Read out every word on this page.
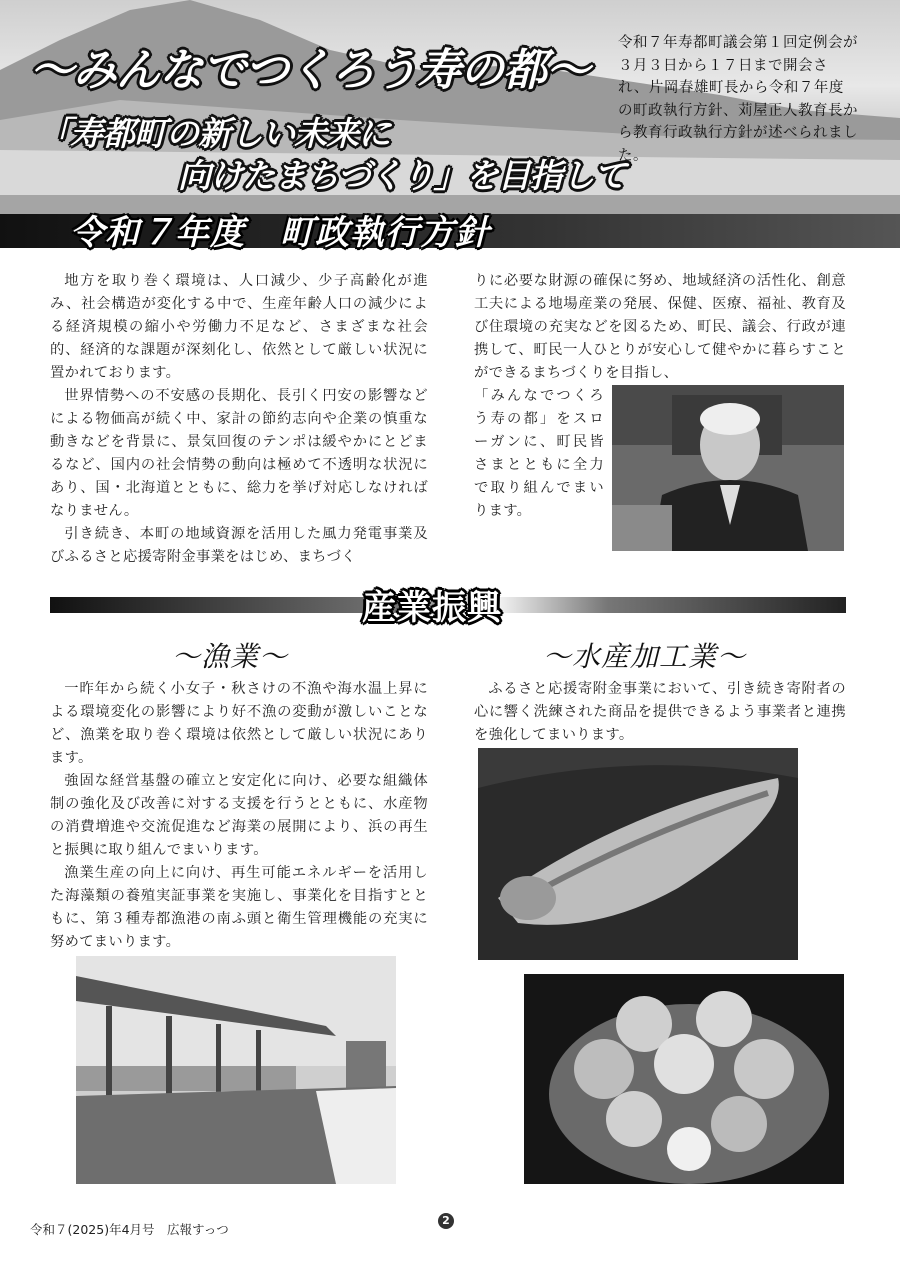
～みんなでつくろう寿の都～
「寿都町の新しい未来に
向けたまちづくり」を目指して
令和７年寿都町議会第１回定例会が３月３日から１７日まで開会され、片岡春雄町長から令和７年度の町政執行方針、苅屋正人教育長から教育行政執行方針が述べられました。
令和７年度　町政執行方針

地方を取り巻く環境は、人口減少、少子高齢化が進み、社会構造が変化する中で、生産年齢人口の減少による経済規模の縮小や労働力不足など、さまざまな社会的、経済的な課題が深刻化し、依然として厳しい状況に置かれております。

世界情勢への不安感の長期化、長引く円安の影響などによる物価高が続く中、家計の節約志向や企業の慎重な動きなどを背景に、景気回復のテンポは緩やかにとどまるなど、国内の社会情勢の動向は極めて不透明な状況にあり、国・北海道とともに、総力を挙げ対応しなければなりません。

引き続き、本町の地域資源を活用した風力発電事業及びふるさと応援寄附金事業をはじめ、まちづく

りに必要な財源の確保に努め、地域経済の活性化、創意工夫による地場産業の発展、保健、医療、福祉、教育及び住環境の充実などを図るため、町民、議会、行政が連携して、町民一人ひとりが安心して健やかに暮らすことができるまちづくりを目指し、

「みんなでつくろう寿の都」をスローガンに、町民皆さまとともに全力で取り組んでまいります。

産業振興
～漁業～	～水産加工業～

一昨年から続く小女子・秋さけの不漁や海水温上昇による環境変化の影響により好不漁の変動が激しいことなど、漁業を取り巻く環境は依然として厳しい状況にあります。

強固な経営基盤の確立と安定化に向け、必要な組織体制の強化及び改善に対する支援を行うとともに、水産物の消費増進や交流促進など海業の展開により、浜の再生と振興に取り組んでまいります。

漁業生産の向上に向け、再生可能エネルギーを活用した海藻類の養殖実証事業を実施し、事業化を目指すとともに、第３種寿都漁港の南ふ頭と衛生管理機能の充実に努めてまいります。

ふるさと応援寄附金事業において、引き続き寄附者の心に響く洗練された商品を提供できるよう事業者と連携を強化してまいります。

令和７(2025)年4月号　広報すっつ
2
